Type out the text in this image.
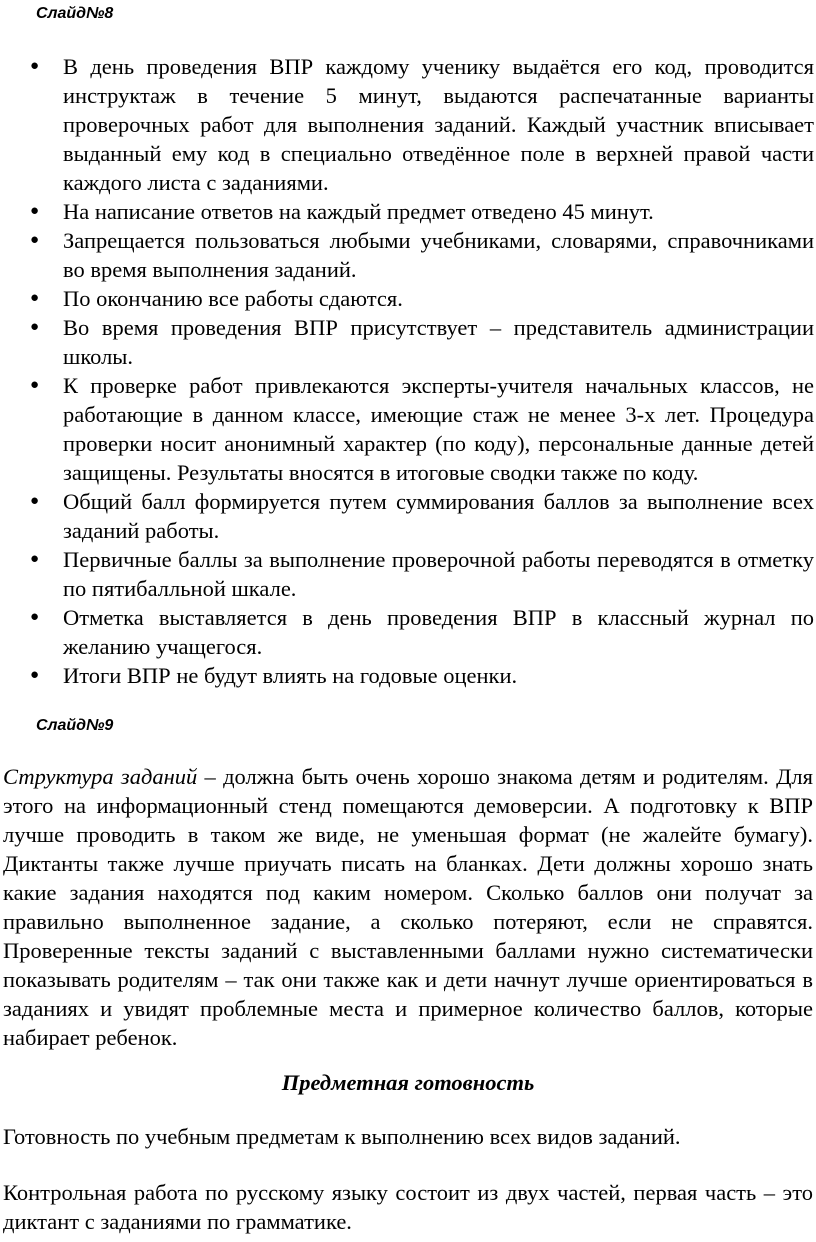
Слайд№8

● В день проведения ВПР каждому ученику выдаётся его код, проводится инструктаж в течение 5 минут, выдаются распечатанные варианты проверочных работ для выполнения заданий. Каждый участник вписывает выданный ему код в специально отведённое поле в верхней правой части каждого листа с заданиями.
● На написание ответов на каждый предмет отведено 45 минут.
● Запрещается пользоваться любыми учебниками, словарями, справочниками во время выполнения заданий.
● По окончанию все работы сдаются.
● Во время проведения ВПР присутствует – представитель администрации школы.
● К проверке работ привлекаются эксперты-учителя начальных классов, не работающие в данном классе, имеющие стаж не менее 3-х лет. Процедура проверки носит анонимный характер (по коду), персональные данные детей защищены. Результаты вносятся в итоговые сводки также по коду.
● Общий балл формируется путем суммирования баллов за выполнение всех заданий работы.
● Первичные баллы за выполнение проверочной работы переводятся в отметку по пятибалльной шкале.
● Отметка выставляется в день проведения ВПР в классный журнал по желанию учащегося.
● Итоги ВПР не будут влиять на годовые оценки.

Слайд№9

Структура заданий – должна быть очень хорошо знакома детям и родителям. Для этого на информационный стенд помещаются демоверсии. А подготовку к ВПР лучше проводить в таком же виде, не уменьшая формат (не жалейте бумагу). Диктанты также лучше приучать писать на бланках. Дети должны хорошо знать какие задания находятся под каким номером. Сколько баллов они получат за правильно выполненное задание, а сколько потеряют, если не справятся. Проверенные тексты заданий с выставленными баллами нужно систематически показывать родителям – так они также как и дети начнут лучше ориентироваться в заданиях и увидят проблемные места и примерное количество баллов, которые набирает ребенок.

Предметная готовность

Готовность по учебным предметам к выполнению всех видов заданий.

Контрольная работа по русскому языку состоит из двух частей, первая часть – это диктант с заданиями по грамматике.
